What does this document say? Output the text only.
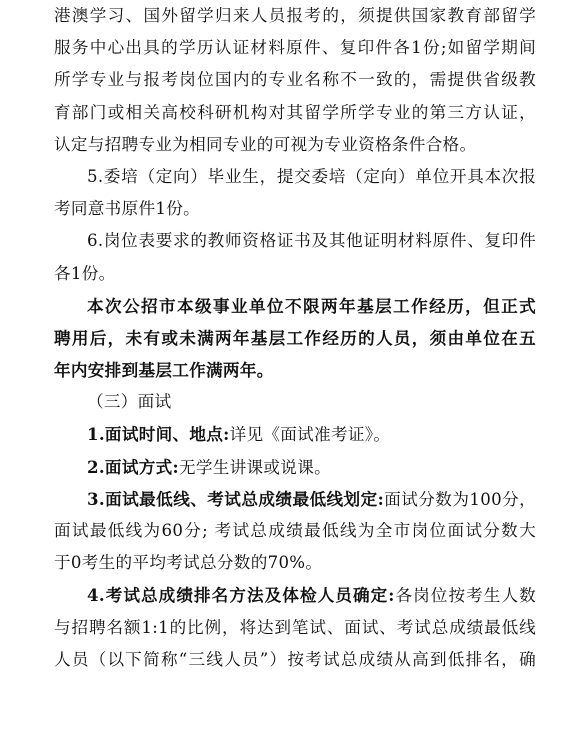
港澳学习、国外留学归来人员报考的，须提供国家教育部留学
服务中心出具的学历认证材料原件、复印件各1份;如留学期间
所学专业与报考岗位国内的专业名称不一致的，需提供省级教
育部门或相关高校科研机构对其留学所学专业的第三方认证，
认定与招聘专业为相同专业的可视为专业资格条件合格。
5.委培（定向）毕业生，提交委培（定向）单位开具本次报
考同意书原件1份。
6.岗位表要求的教师资格证书及其他证明材料原件、复印件
各1份。
本次公招市本级事业单位不限两年基层工作经历，但正式
聘用后，未有或未满两年基层工作经历的人员，须由单位在五
年内安排到基层工作满两年。
（三）面试
1.面试时间、地点:详见《面试准考证》。
2.面试方式:无学生讲课或说课。
3.面试最低线、考试总成绩最低线划定:面试分数为100分，
面试最低线为60分; 考试总成绩最低线为全市岗位面试分数大
于0考生的平均考试总分数的70%。
4.考试总成绩排名方法及体检人员确定:各岗位按考生人数
与招聘名额1:1的比例，将达到笔试、面试、考试总成绩最低线
人员（以下简称“三线人员”）按考试总成绩从高到低排名，确
